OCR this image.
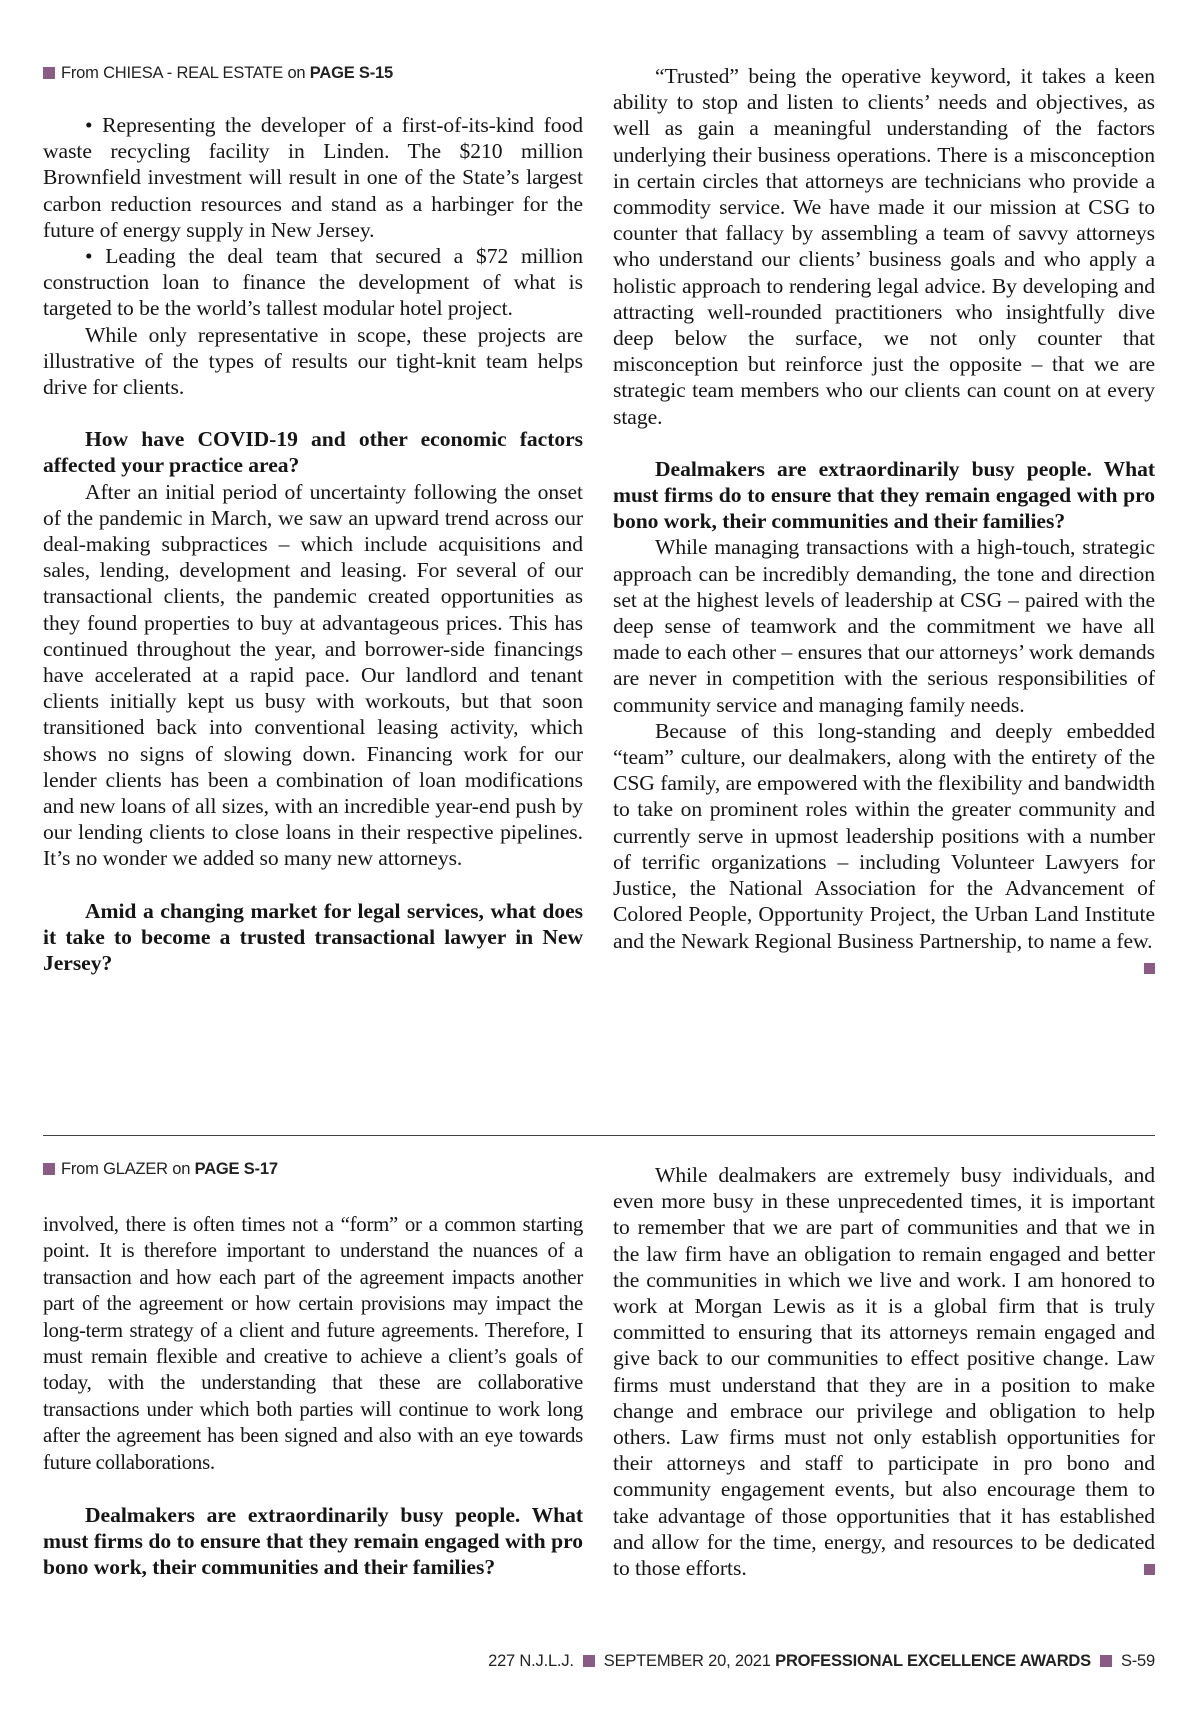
From CHIESA - REAL ESTATE on PAGE S-15

• Representing the developer of a first-of-its-kind food waste recycling facility in Linden. The $210 million Brownfield investment will result in one of the State’s largest carbon reduction resources and stand as a harbinger for the future of energy supply in New Jersey.

• Leading the deal team that secured a $72 million construction loan to finance the development of what is targeted to be the world’s tallest modular hotel project.

While only representative in scope, these projects are illustrative of the types of results our tight-knit team helps drive for clients.

How have COVID-19 and other economic factors affected your practice area?

After an initial period of uncertainty following the onset of the pandemic in March, we saw an upward trend across our deal-making subpractices – which include acquisitions and sales, lending, development and leasing. For several of our transactional clients, the pandemic created opportunities as they found properties to buy at advantageous prices. This has continued throughout the year, and borrower-side financings have accelerated at a rapid pace. Our landlord and tenant clients initially kept us busy with workouts, but that soon transitioned back into conventional leasing activity, which shows no signs of slowing down. Financing work for our lender clients has been a combination of loan modifications and new loans of all sizes, with an incredible year-end push by our lending clients to close loans in their respective pipelines. It’s no wonder we added so many new attorneys.

Amid a changing market for legal services, what does it take to become a trusted transactional lawyer in New Jersey?

“Trusted” being the operative keyword, it takes a keen ability to stop and listen to clients’ needs and objectives, as well as gain a meaningful understanding of the factors underlying their business operations. There is a misconception in certain circles that attorneys are technicians who provide a commodity service. We have made it our mission at CSG to counter that fallacy by assembling a team of savvy attorneys who understand our clients’ business goals and who apply a holistic approach to rendering legal advice. By developing and attracting well-rounded practitioners who insightfully dive deep below the surface, we not only counter that misconception but reinforce just the opposite – that we are strategic team members who our clients can count on at every stage.

Dealmakers are extraordinarily busy people. What must firms do to ensure that they remain engaged with pro bono work, their communities and their families?

While managing transactions with a high-touch, strategic approach can be incredibly demanding, the tone and direction set at the highest levels of leadership at CSG – paired with the deep sense of teamwork and the commitment we have all made to each other – ensures that our attorneys’ work demands are never in competition with the serious responsibilities of community service and managing family needs.

Because of this long-standing and deeply embedded “team” culture, our dealmakers, along with the entirety of the CSG family, are empowered with the flexibility and bandwidth to take on prominent roles within the greater community and currently serve in upmost leadership positions with a number of terrific organizations – including Volunteer Lawyers for Justice, the National Association for the Advancement of Colored People, Opportunity Project, the Urban Land Institute and the Newark Regional Business Partnership, to name a few.

From GLAZER on PAGE S-17

involved, there is often times not a “form” or a common starting point. It is therefore important to understand the nuances of a transaction and how each part of the agreement impacts another part of the agreement or how certain provisions may impact the long-term strategy of a client and future agreements. Therefore, I must remain flexible and creative to achieve a client’s goals of today, with the understanding that these are collaborative transactions under which both parties will continue to work long after the agreement has been signed and also with an eye towards future collaborations.

Dealmakers are extraordinarily busy people. What must firms do to ensure that they remain engaged with pro bono work, their communities and their families?

While dealmakers are extremely busy individuals, and even more busy in these unprecedented times, it is important to remember that we are part of communities and that we in the law firm have an obligation to remain engaged and better the communities in which we live and work. I am honored to work at Morgan Lewis as it is a global firm that is truly committed to ensuring that its attorneys remain engaged and give back to our communities to effect positive change. Law firms must understand that they are in a position to make change and embrace our privilege and obligation to help others. Law firms must not only establish opportunities for their attorneys and staff to participate in pro bono and community engagement events, but also encourage them to take advantage of those opportunities that it has established and allow for the time, energy, and resources to be dedicated to those efforts.

227 N.J.L.J. SEPTEMBER 20, 2021 PROFESSIONAL EXCELLENCE AWARDS S-59
